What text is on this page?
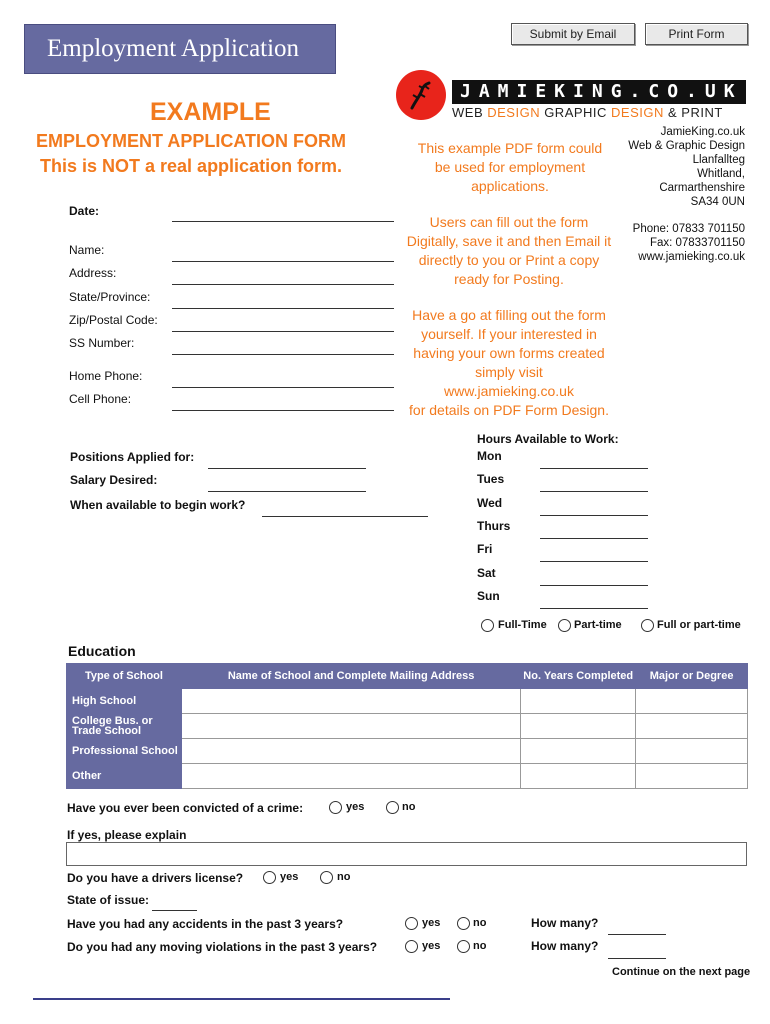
Submit by Email	Print Form
Employment Application
JAMIEKING.CO.UK
WEB DESIGN GRAPHIC DESIGN & PRINT
EXAMPLE
EMPLOYMENT APPLICATION FORM
This is NOT a real application form.
This example PDF form could be used for employment applications.
Users can fill out the form Digitally, save it and then Email it directly to you or Print a copy ready for Posting.
Have a go at filling out the form yourself. If your interested in having your own forms created simply visit
www.jamieking.co.uk
for details on PDF Form Design.
JamieKing.co.uk
Web & Graphic Design
Llanfallteg
Whitland,
Carmarthenshire
SA34 0UN
Phone: 07833 701150
Fax: 07833701150
www.jamieking.co.uk
Date:
Name:
Address:
State/Province:
Zip/Postal Code:
SS Number:
Home Phone:
Cell Phone:
Positions Applied for:
Salary Desired:
When available to begin work?
Hours Available to Work:
Mon
Tues
Wed
Thurs
Fri
Sat
Sun
Full-Time Part-time	Full or part-time
Education
Type of School	Name of School and Complete Mailing Address	No. Years Completed	Major or Degree
High School			
College Bus. or Trade School			
Professional School			
Other			
Have you ever been convicted of a crime:	yes	no
If yes, please explain
Do you have a drivers license?	yes	no
State of issue:
Have you had any accidents in the past 3 years?	yes	no	How many?
Do you had any moving violations in the past 3 years?	yes	no	How many?
Continue on the next page
